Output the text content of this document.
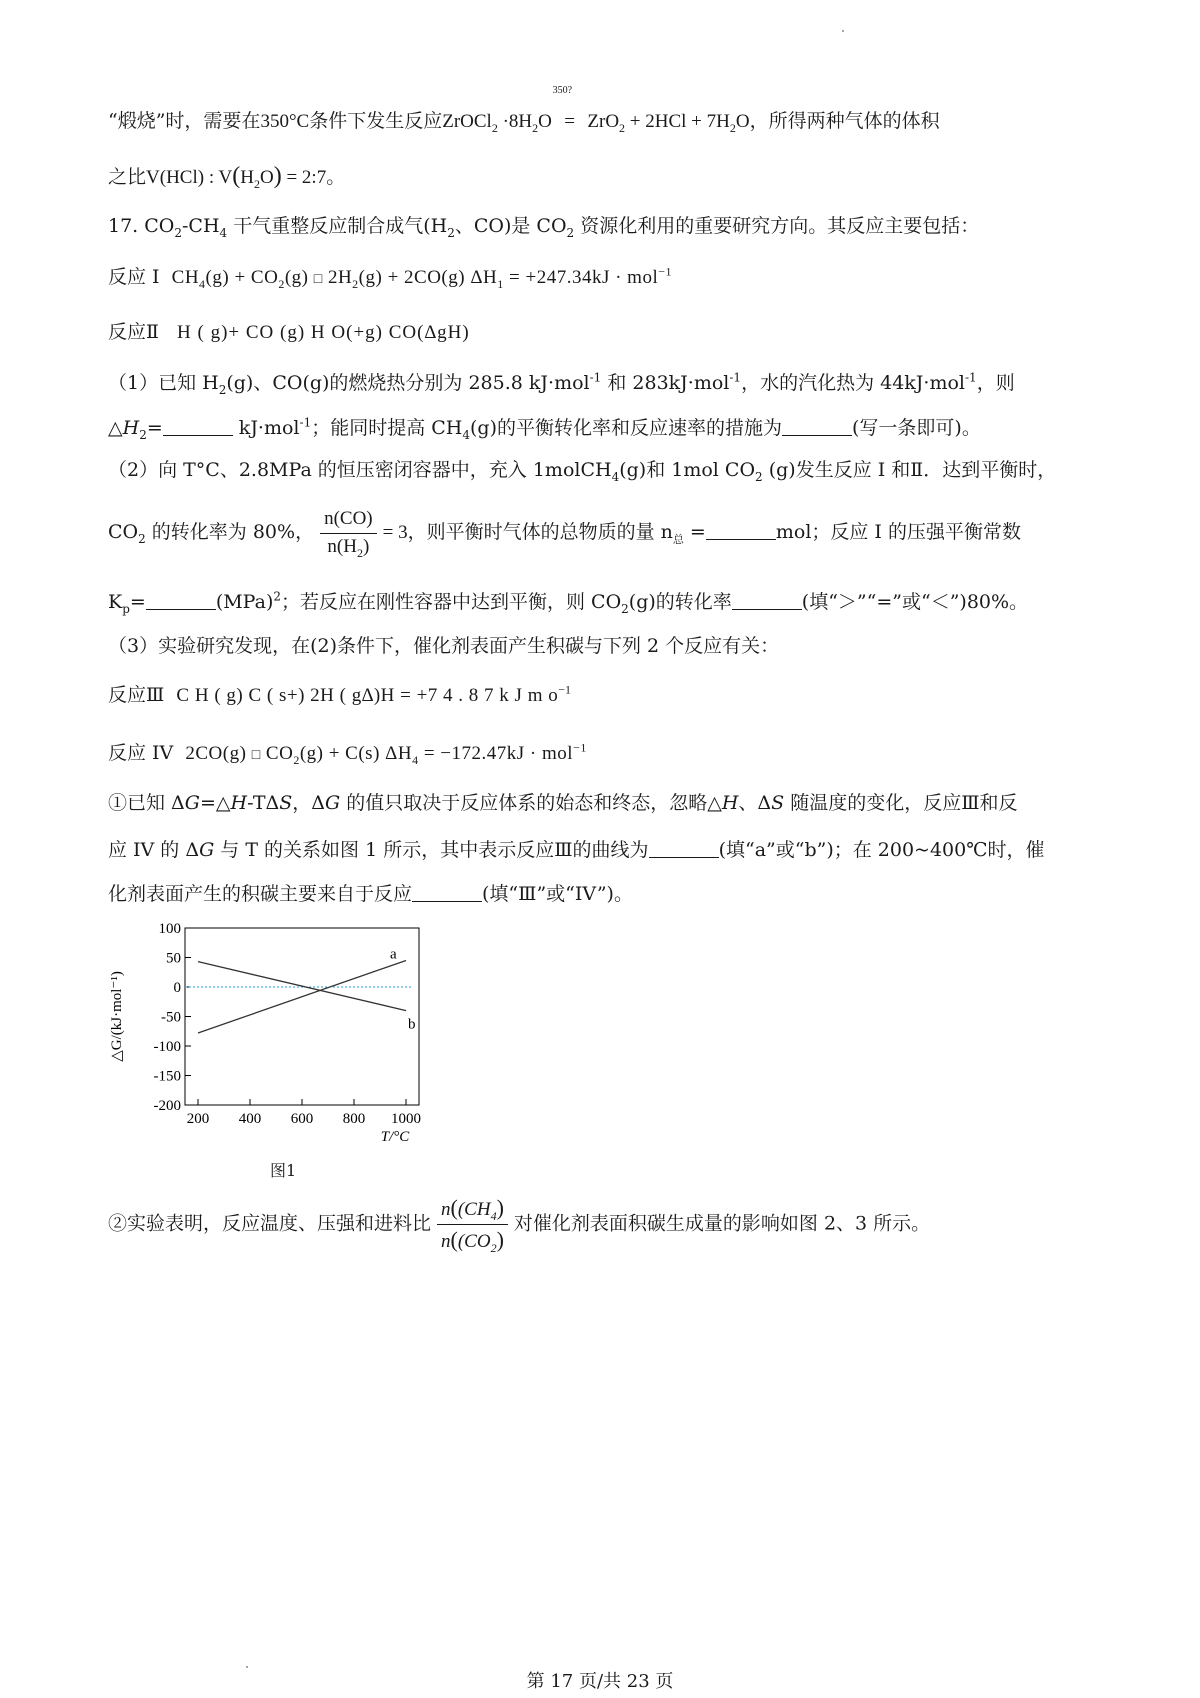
“煅烧”时，需要在350°C条件下发生反应ZrOCl$_2$ $\cdot 8H_2O$
350?
= $ZrO_2 + 2HCl + 7H_2O$，所得两种气体的体积
之比V(HCl) : $V(H_2O)$ = 2:7。
17. $CO_2-CH_4$ 干气重整反应制合成气($H_2$、CO)是 $CO_2$ 资源化利用的重要研究方向。其反应主要包括：
反应 I $CH_4(g) + CO_2(g)$ □ $2H_2(g) + 2CO(g) \Delta H_1 = +247.34kJ \cdot mol^{-1}$
反应Ⅱ H ( g)+ CO (g) H O(+g) CO(∆gH)
（1）已知 $H_2(g)$、CO(g)的燃烧热分别为 285.8 kJ·mol$^{-1}$ 和 283kJ·mol$^{-1}$，水的汽化热为 44kJ·mol$^{-1}$，则
$\triangle H_2=$	kJ·mol$^{-1}$；能同时提高 $CH_4(g)$的平衡转化率和反应速率的措施为	(写一条即可)。
（2）向 T°C、2.8MPa 的恒压密闭容器中，充入 1molCH$_4$(g)和 1mol $CO_2$ (g)发生反应 I 和Ⅱ．达到平衡时，
$CO_2$ 的转化率为 80%， $\frac{n(CO)}{n(H_2)} = 3$，则平衡时气体的总物质的量 $n_总$ =	mol；反应 I 的压强平衡常数
$K_p=$	(MPa)$^2$；若反应在刚性容器中达到平衡，则 $CO_2(g)$的转化率	(填“＞”“=”或“＜”)80%。
（3）实验研究发现，在(2)条件下，催化剂表面产生积碳与下列 2 个反应有关：
反应Ⅲ C H ( g) C ( s+) 2H ( g∆)H = +7 4 . 8 7 k J m $o^{-1}$
反应 IV 2CO(g) □ $CO_2(g) + C(s) \Delta H_4 = -172.47kJ \cdot mol^{-1}$
①已知 ΔG=△H-TΔS，ΔG 的值只取决于反应体系的始态和终态，忽略△H、ΔS 随温度的变化，反应Ⅲ和反
应 IV 的 ΔG 与 T 的关系如图 1 所示，其中表示反应Ⅲ的曲线为	(填“a”或“b”)；在 200~400℃时，催
化剂表面产生的积碳主要来自于反应	(填“Ⅲ”或“IV”)。
100
50
0
-50
-100
-150
-200
200 400 600 800 1000
a
b
△G/(kJ·mol⁻¹)
T/°C
图1
②实验表明，反应温度、压强和进料比 $\frac{n((CH_4)}{n((CO_2)}$ 对催化剂表面积碳生成量的影响如图 2、3 所示。
第 17 页/共 23 页
